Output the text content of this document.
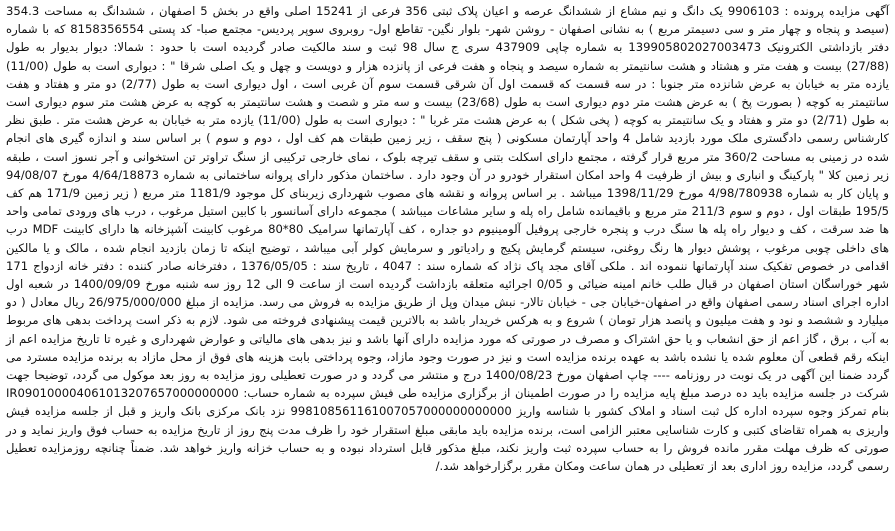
آگهی مزایده پرونده : 9906103 یک دانگ و نیم مشاع از ششدانگ عرصه و اعیان پلاک ثبتی 356 فرعی از 15241 اصلی واقع در بخش 5 اصفهان ، ششدانگ به مساحت 354.3 (سیصد و پنجاه و چهار متر و سی دسیمتر مربع ) به نشانی اصفهان - روشن شهر- بلوار نگین- تقاطع اول- روبروی سوپر پردیس- مجتمع صبا- کد پستی 8158356554 که با شماره دفتر بازداشتی الکترونیک 139905802027003473 به شماره چاپی 437909 سری ج سال 98 ثبت و سند مالکیت صادر گردیده است با حدود : شمالا: دیوار بدیوار به طول (27/88) بیست و هفت متر و هشتاد و هشت سانتیمتر به شماره سیصد و پنجاه و هفت فرعی از پانزده هزار و دویست و چهل و یک اصلی شرقا " : دیواری است به طول (11/00) یازده متر به خیابان به عرض شانزده متر جنوبا : در سه قسمت که قسمت اول آن شرقی قسمت سوم آن غربی است ، اول دیواری است به طول (2/77) دو متر و هفتاد و هفت سانتیمتر به کوچه ( بصورت پخ ) به عرض هشت متر دوم دیواری است به طول (23/68) بیست و سه متر و شصت و هشت سانتیمتر به کوچه به عرض هشت متر سوم دیواری است به طول (2/71) دو متر و هفتاد و یک سانتیمتر به کوچه ( پخی شکل ) به عرض هشت متر غربا " : دیواری است به طول (11/00) یازده متر به خیابان به عرض هشت متر . طبق نظر کارشناس رسمی دادگستری ملک مورد بازدید شامل 4 واحد آپارتمان مسکونی ( پنج سقف ، زیر زمین طبقات هم کف اول ، دوم و سوم ) بر اساس سند و اندازه گیری های انجام شده در زمینی به مساحت 360/2 متر مربع قرار گرفته ، مجتمع دارای اسکلت بتنی و سقف تیرچه بلوک ، نمای خارجی ترکیبی از سنگ تراوتر تن استخوانی و آجر نسوز است ، طبقه زیر زمین کلا " پارکینگ و انباری و بیش از ظرفیت 4 واحد امکان استقرار خودرو در آن وجود دارد . ساختمان مذکور دارای پروانه ساختمانی به شماره 4/64/18873 مورخ 94/08/07 و پایان کار به شماره 4/98/780938 مورخ 1398/11/29 میباشد . بر اساس پروانه و نقشه های مصوب شهرداری زیربنای کل موجود 1181/9 متر مربع ( زیر زمین 171/9 هم کف 195/5 طبقات اول ، دوم و سوم 211/3 متر مربع و باقیمانده شامل راه پله و سایر مشاعات میباشد ) مجموعه دارای آسانسور با کابین استیل مرغوب ، درب های ورودی تمامی واحد ها ضد سرقت ، کف و دیوار راه پله ها سنگ درب و پنجره خارجی پروفیل آلومینیوم دو جداره ، کف آپارتمانها سرامیک 80*80 مرغوب کابینت آشپزخانه ها دارای کابینت MDF درب های داخلی چوبی مرغوب ، پوشش دیوار ها رنگ روغنی، سیستم گرمایش پکیج و رادیاتور و سرمایش کولر آبی میباشد ، توضیح اینکه تا زمان بازدید انجام شده ، مالک و یا مالکین اقدامی در خصوص تفکیک سند آپارتمانها ننموده اند . ملکی آقای مجد پاک نژاد که شماره سند : 4047 ، تاریخ سند : 1376/05/05 ، دفترخانه صادر کننده : دفتر خانه ازدواج 171 شهر خوراسگان استان اصفهان در قبال طلب خانم امینه ضیائی و 0/05 اجرائیه متعلقه بازداشت گردیده است از ساعت 9 الی 12 روز سه شنبه مورخ 1400/09/09 در شعبه اول اداره اجرای اسناد رسمی اصفهان واقع در اصفهان-خیابان جی - خیابان تالار- نبش میدان وپل از طریق مزایده به فروش می رسد. مزایده از مبلغ 26/975/000/000 ریال معادل ( دو میلیارد و ششصد و نود و هفت میلیون و پانصد هزار تومان ) شروع و به هرکس خریدار باشد به بالاترین قیمت پیشنهادی فروخته می شود. لازم به ذکر است پرداخت بدهی های مربوط به آب ، برق ، گاز اعم از حق انشعاب و یا حق اشتراک و مصرف در صورتی که مورد مزایده دارای آنها باشد و نیز بدهی های مالیاتی و عوارض شهرداری و غیره تا تاریخ مزایده اعم از اینکه رقم قطعی آن معلوم شده یا نشده باشد به عهده برنده مزایده است و نیز در صورت وجود مازاد، وجوه پرداختی بابت هزینه های فوق از محل مازاد به برنده مزایده مسترد می گردد ضمنا این آگهی در یک نوبت در روزنامه ---- چاپ اصفهان مورخ 1400/08/23 درج و منتشر می گردد و در صورت تعطیلی روز مزایده به روز بعد موکول می گردد، توضیحا جهت شرکت در جلسه مزایده باید ده درصد مبلغ پایه مزایده را در صورت اطمینان از برگزاری مزایده طی فیش سپرده به شماره حساب: IR090100004061013207657000000000 بنام تمرکز وجوه سپرده اداره کل ثبت اسناد و املاک کشور با شناسه واریز 998108561161007057000000000000 نزد بانک مرکزی بانک واریز و قبل از جلسه مزایده فیش واریزی به همراه تقاضای کتبی و کارت شناسایی معتبر الزامی است، برنده مزایده باید مابقی مبلغ استقرار خود را ظرف مدت پنج روز از تاریخ مزایده به حساب فوق واریز نماید و در صورتی که ظرف مهلت مقرر مانده فروش را به حساب سپرده ثبت واریز نکند، مبلغ مذکور قابل استرداد نبوده و به حساب خزانه واریز خواهد شد. ضمناً چنانچه روزمزایده تعطیل رسمی گردد، مزایده روز اداری بعد از تعطیلی در همان ساعت ومکان مقرر برگزارخواهد شد./
